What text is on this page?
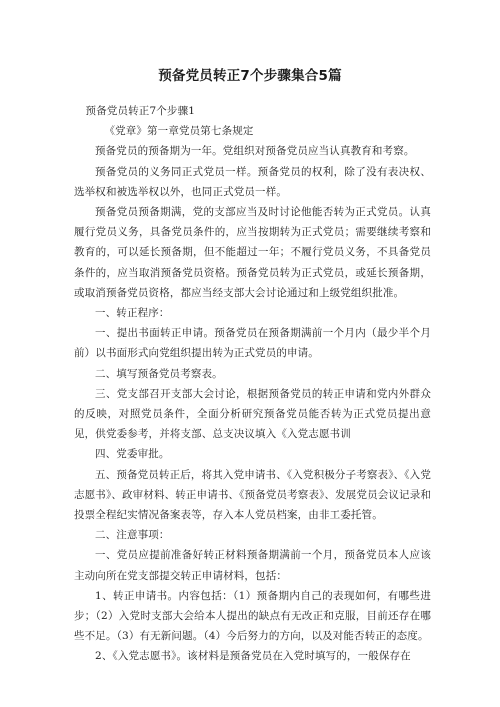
预备党员转正7个步骤集合5篇

预备党员转正7个步骤1

《党章》第一章党员第七条规定

预备党员的预备期为一年。党组织对预备党员应当认真教育和考察。

预备党员的义务同正式党员一样。预备党员的权利，除了没有表决权、选举权和被选举权以外，也同正式党员一样。

预备党员预备期满，党的支部应当及时讨论他能否转为正式党员。认真履行党员义务，具备党员条件的，应当按期转为正式党员；需要继续考察和教育的，可以延长预备期，但不能超过一年；不履行党员义务，不具备党员条件的，应当取消预备党员资格。预备党员转为正式党员，或延长预备期，或取消预备党员资格，都应当经支部大会讨论通过和上级党组织批准。

一、转正程序：

一、提出书面转正申请。预备党员在预备期满前一个月内（最少半个月前）以书面形式向党组织提出转为正式党员的申请。

二、填写预备党员考察表。

三、党支部召开支部大会讨论，根据预备党员的转正申请和党内外群众的反映，对照党员条件，全面分析研究预备党员能否转为正式党员提出意见，供党委参考，并将支部、总支决议填入《入党志愿书训

四、党委审批。

五、预备党员转正后，将其入党申请书、《入党积极分子考察表》、《入党志愿书》、政审材料、转正申请书、《预备党员考察表》、发展党员会议记录和投票全程纪实情况备案表等，存入本人党员档案，由非工委托管。

二、注意事项：

一、党员应提前准备好转正材料预备期满前一个月，预备党员本人应该主动向所在党支部提交转正申请材料，包括：

1、转正申请书。内容包括：（1）预备期内自己的表现如何，有哪些进步；（2）入党时支部大会给本人提出的缺点有无改正和克服，目前还存在哪些不足。（3）有无新问题。（4）今后努力的方向，以及对能否转正的态度。

2、《入党志愿书》。该材料是预备党员在入党时填写的，一般保存在
